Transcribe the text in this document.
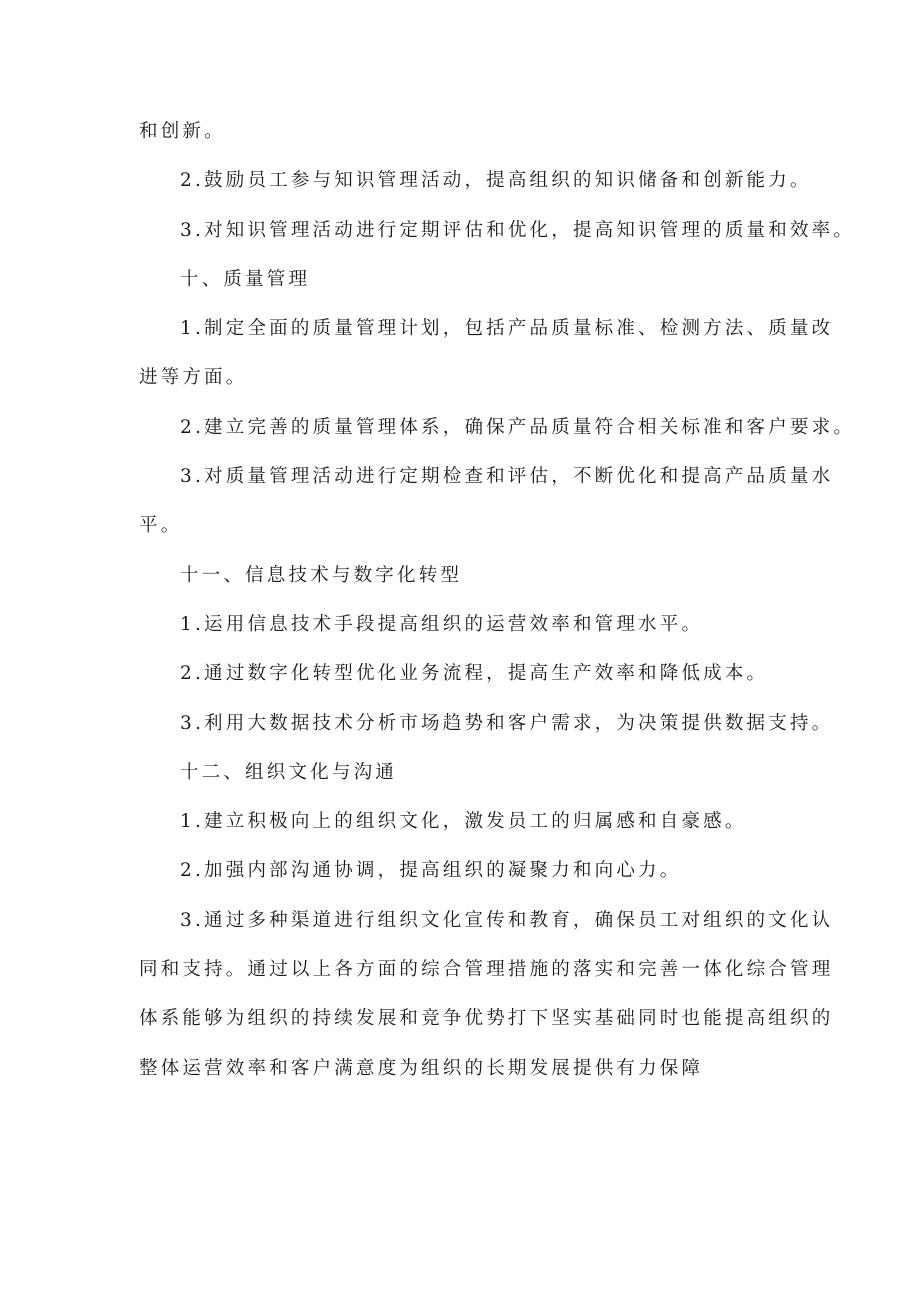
和创新。
2.鼓励员工参与知识管理活动，提高组织的知识储备和创新能力。
3.对知识管理活动进行定期评估和优化，提高知识管理的质量和效率。
十、质量管理
1.制定全面的质量管理计划，包括产品质量标准、检测方法、质量改
进等方面。
2.建立完善的质量管理体系，确保产品质量符合相关标准和客户要求。
3.对质量管理活动进行定期检查和评估，不断优化和提高产品质量水
平。
十一、信息技术与数字化转型
1.运用信息技术手段提高组织的运营效率和管理水平。
2.通过数字化转型优化业务流程，提高生产效率和降低成本。
3.利用大数据技术分析市场趋势和客户需求，为决策提供数据支持。
十二、组织文化与沟通
1.建立积极向上的组织文化，激发员工的归属感和自豪感。
2.加强内部沟通协调，提高组织的凝聚力和向心力。
3.通过多种渠道进行组织文化宣传和教育，确保员工对组织的文化认
同和支持。通过以上各方面的综合管理措施的落实和完善一体化综合管理
体系能够为组织的持续发展和竞争优势打下坚实基础同时也能提高组织的
整体运营效率和客户满意度为组织的长期发展提供有力保障
